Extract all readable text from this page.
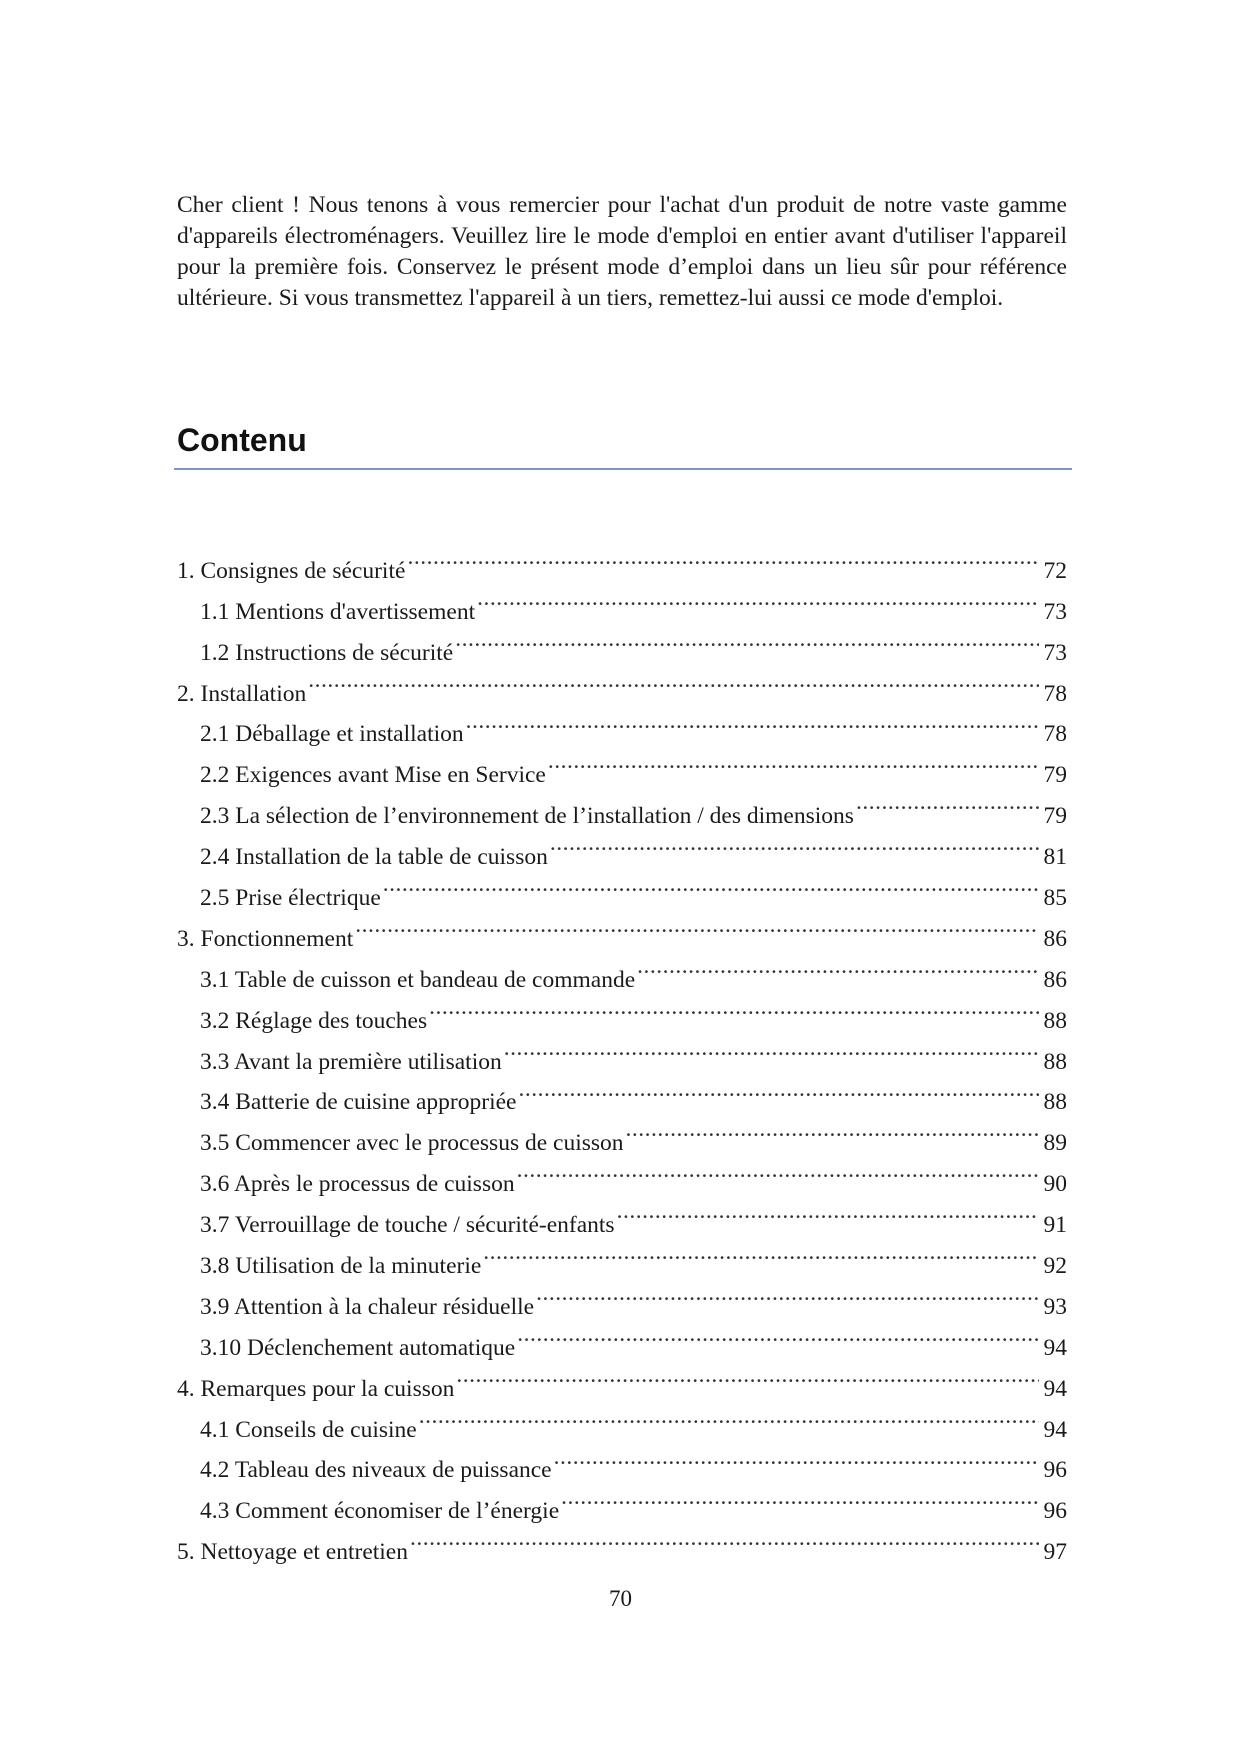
Cher client ! Nous tenons à vous remercier pour l'achat d'un produit de notre vaste gamme d'appareils électroménagers. Veuillez lire le mode d'emploi en entier avant d'utiliser l'appareil pour la première fois. Conservez le présent mode d’emploi dans un lieu sûr pour référence ultérieure. Si vous transmettez l'appareil à un tiers, remettez-lui aussi ce mode d'emploi.

Contenu
1. Consignes de sécurité .....	72
1.1 Mentions d'avertissement .....	73
1.2 Instructions de sécurité .....	73
2. Installation .....	78
2.1 Déballage et installation .....	78
2.2 Exigences avant Mise en Service .....	79
2.3 La sélection de l’environnement de l’installation / des dimensions .....	79
2.4 Installation de la table de cuisson .....	81
2.5 Prise électrique .....	85
3. Fonctionnement .....	86
3.1 Table de cuisson et bandeau de commande .....	86
3.2 Réglage des touches .....	88
3.3 Avant la première utilisation .....	88
3.4 Batterie de cuisine appropriée .....	88
3.5 Commencer avec le processus de cuisson .....	89
3.6 Après le processus de cuisson .....	90
3.7 Verrouillage de touche / sécurité-enfants .....	91
3.8 Utilisation de la minuterie .....	92
3.9 Attention à la chaleur résiduelle .....	93
3.10 Déclenchement automatique .....	94
4. Remarques pour la cuisson .....	94
4.1 Conseils de cuisine .....	94
4.2 Tableau des niveaux de puissance .....	96
4.3 Comment économiser de l’énergie .....	96
5. Nettoyage et entretien .....	97

70
